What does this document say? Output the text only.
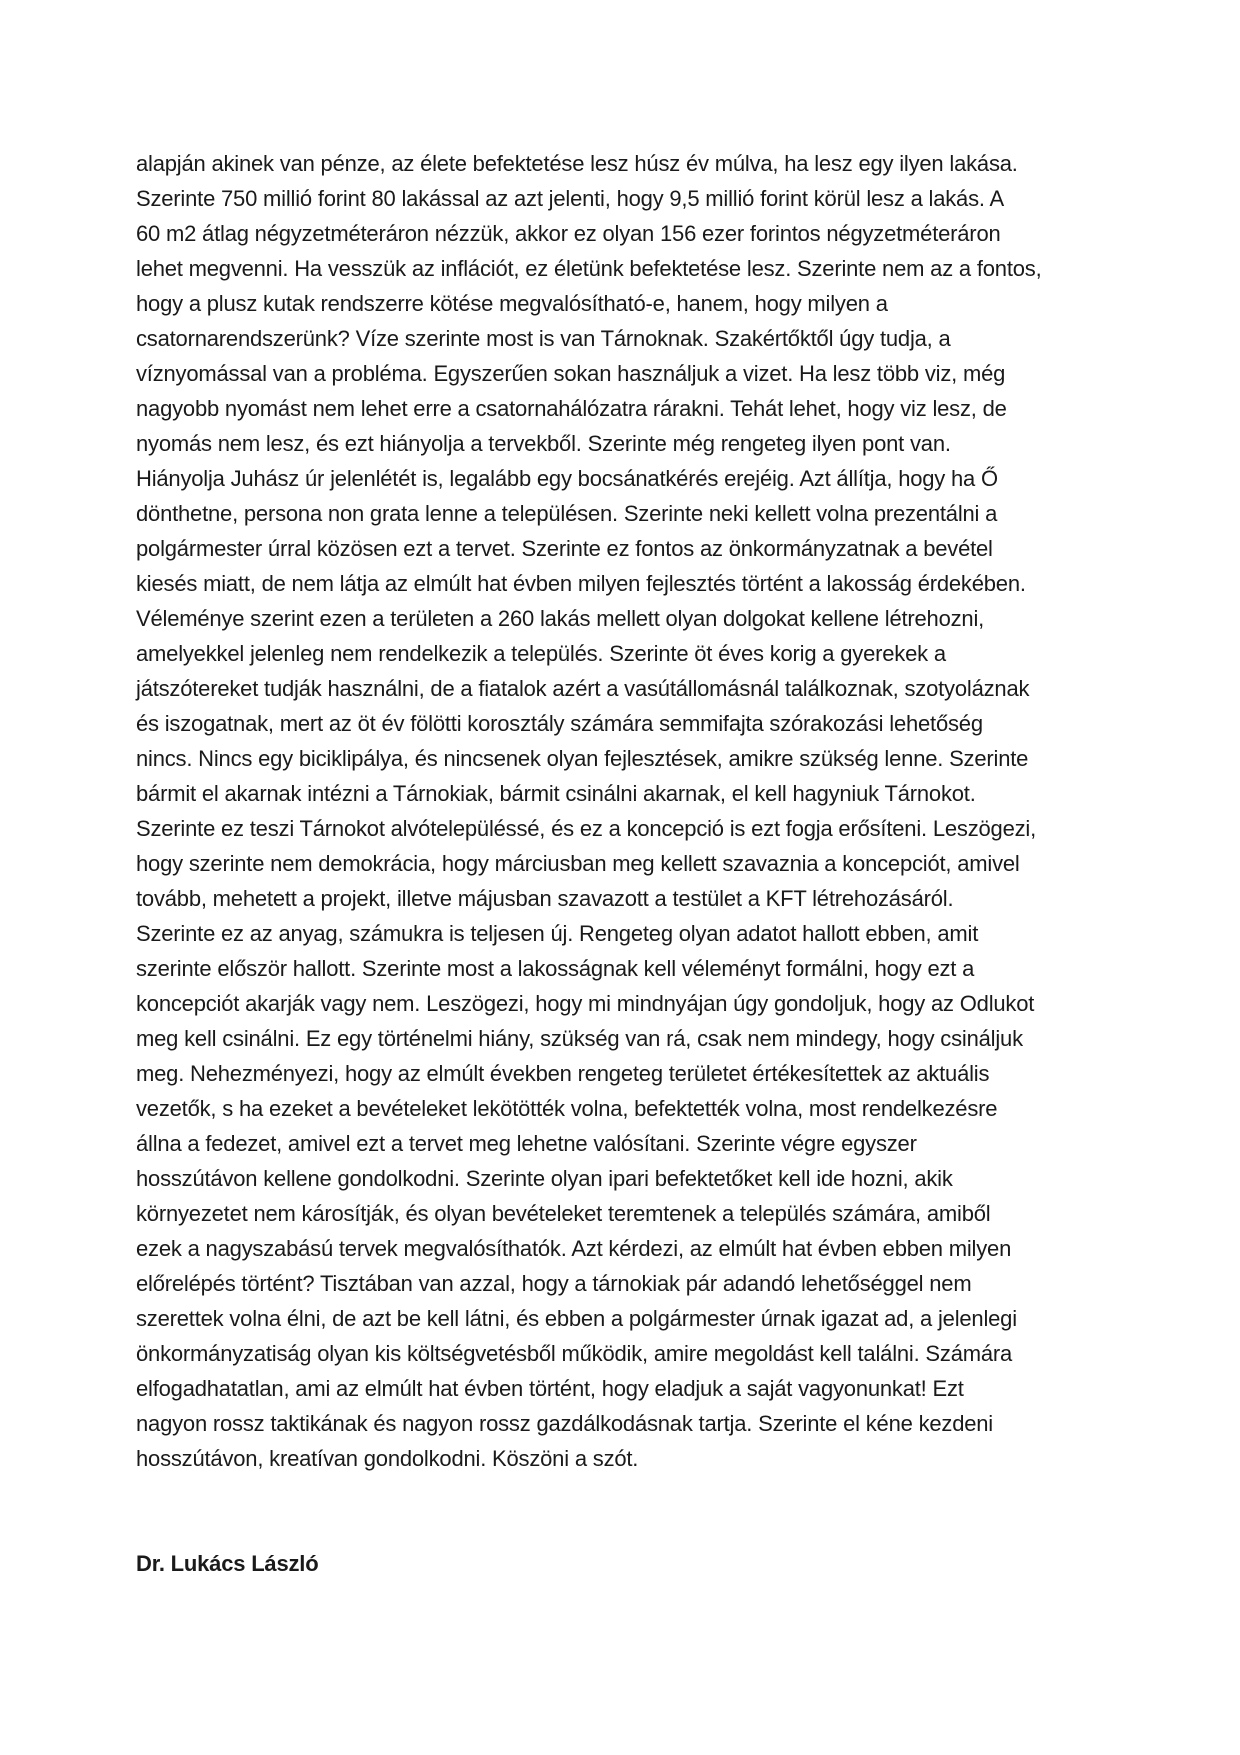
alapján akinek van pénze, az élete befektetése lesz húsz év múlva, ha lesz egy ilyen lakása.
Szerinte 750 millió forint 80 lakással az azt jelenti, hogy 9,5 millió forint körül lesz a lakás. A
60 m2 átlag négyzetméteráron nézzük, akkor ez olyan 156 ezer forintos négyzetméteráron
lehet megvenni. Ha vesszük az inflációt, ez életünk befektetése lesz. Szerinte nem az a fontos,
hogy a plusz kutak rendszerre kötése megvalósítható-e, hanem, hogy milyen a
csatornarendszerünk? Víze szerinte most is van Tárnoknak. Szakértőktől úgy tudja, a
víznyomással van a probléma. Egyszerűen sokan használjuk a vizet. Ha lesz több viz, még
nagyobb nyomást nem lehet erre a csatornahálózatra rárakni. Tehát lehet, hogy viz lesz, de
nyomás nem lesz, és ezt hiányolja a tervekből. Szerinte még rengeteg ilyen pont van.
Hiányolja Juhász úr jelenlétét is, legalább egy bocsánatkérés erejéig. Azt állítja, hogy ha Ő
dönthetne, persona non grata lenne a településen. Szerinte neki kellett volna prezentálni a
polgármester úrral közösen ezt a tervet. Szerinte ez fontos az önkormányzatnak a bevétel
kiesés miatt, de nem látja az elmúlt hat évben milyen fejlesztés történt a lakosság érdekében.
Véleménye szerint ezen a területen a 260 lakás mellett olyan dolgokat kellene létrehozni,
amelyekkel jelenleg nem rendelkezik a település. Szerinte öt éves korig a gyerekek a
játszótereket tudják használni, de a fiatalok azért a vasútállomásnál találkoznak, szotyoláznak
és iszogatnak, mert az öt év fölötti korosztály számára semmifajta szórakozási lehetőség
nincs. Nincs egy biciklipálya, és nincsenek olyan fejlesztések, amikre szükség lenne. Szerinte
bármit el akarnak intézni a Tárnokiak, bármit csinálni akarnak, el kell hagyniuk Tárnokot.
Szerinte ez teszi Tárnokot alvótelepüléssé, és ez a koncepció is ezt fogja erősíteni. Leszögezi,
hogy szerinte nem demokrácia, hogy márciusban meg kellett szavaznia a koncepciót, amivel
tovább, mehetett a projekt, illetve májusban szavazott a testület a KFT létrehozásáról.
Szerinte ez az anyag, számukra is teljesen új. Rengeteg olyan adatot hallott ebben, amit
szerinte először hallott. Szerinte most a lakosságnak kell véleményt formálni, hogy ezt a
koncepciót akarják vagy nem. Leszögezi, hogy mi mindnyájan úgy gondoljuk, hogy az Odlukot
meg kell csinálni. Ez egy történelmi hiány, szükség van rá, csak nem mindegy, hogy csináljuk
meg. Nehezményezi, hogy az elmúlt években rengeteg területet értékesítettek az aktuális
vezetők, s ha ezeket a bevételeket lekötötték volna, befektették volna, most rendelkezésre
állna a fedezet, amivel ezt a tervet meg lehetne valósítani. Szerinte végre egyszer
hosszútávon kellene gondolkodni. Szerinte olyan ipari befektetőket kell ide hozni, akik
környezetet nem károsítják, és olyan bevételeket teremtenek a település számára, amiből
ezek a nagyszabású tervek megvalósíthatók. Azt kérdezi, az elmúlt hat évben ebben milyen
előrelépés történt? Tisztában van azzal, hogy a tárnokiak pár adandó lehetőséggel nem
szerettek volna élni, de azt be kell látni, és ebben a polgármester úrnak igazat ad, a jelenlegi
önkormányzatiság olyan kis költségvetésből működik, amire megoldást kell találni. Számára
elfogadhatatlan, ami az elmúlt hat évben történt, hogy eladjuk a saját vagyonunkat! Ezt
nagyon rossz taktikának és nagyon rossz gazdálkodásnak tartja. Szerinte el kéne kezdeni
hosszútávon, kreatívan gondolkodni. Köszöni a szót.
Dr. Lukács László
